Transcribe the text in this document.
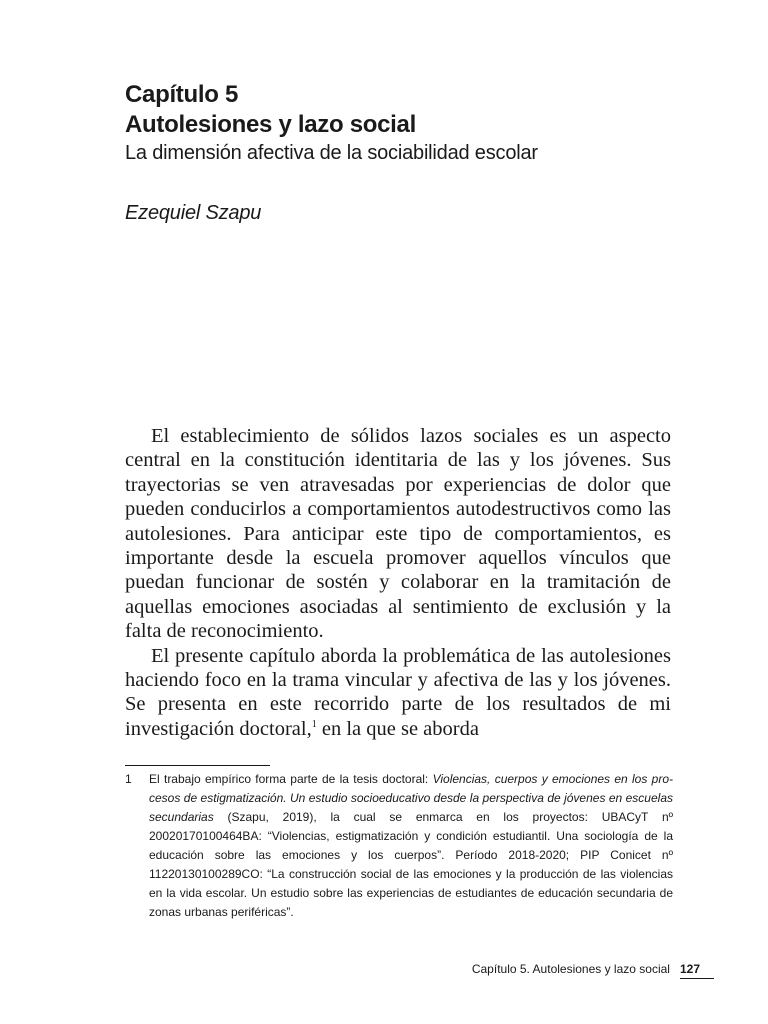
Capítulo 5
Autolesiones y lazo social
La dimensión afectiva de la sociabilidad escolar
Ezequiel Szapu

El establecimiento de sólidos lazos sociales es un aspecto central en la constitución identitaria de las y los jóvenes. Sus trayectorias se ven atravesadas por experiencias de dolor que pueden conducirlos a comportamientos autodestructivos como las autolesiones. Para anticipar este tipo de comportamientos, es importante desde la escuela promover aquellos vínculos que puedan funcionar de sostén y colaborar en la tramitación de aquellas emociones asociadas al sentimiento de exclusión y la falta de reconocimiento.

El presente capítulo aborda la problemática de las autolesiones haciendo foco en la trama vincular y afectiva de las y los jóvenes. Se presenta en este recorrido parte de los resultados de mi investigación doctoral,$^1$ en la que se aborda

1	El trabajo empírico forma parte de la tesis doctoral: Violencias, cuerpos y emociones en los procesos de estigmatización. Un estudio socioeducativo desde la perspectiva de jóvenes en escuelas secundarias (Szapu, 2019), la cual se enmarca en los proyectos: UBACyT nº 20020170100464BA: “Violencias, estigmatización y condición estudiantil. Una sociología de la educación sobre las emociones y los cuerpos”. Período 2018-2020; PIP Conicet nº 11220130100289CO: “La construcción social de las emociones y la producción de las violencias en la vida escolar. Un estudio sobre las experiencias de estudiantes de educación secundaria de zonas urbanas periféricas”.
Capítulo 5. Autolesiones y lazo social 127
